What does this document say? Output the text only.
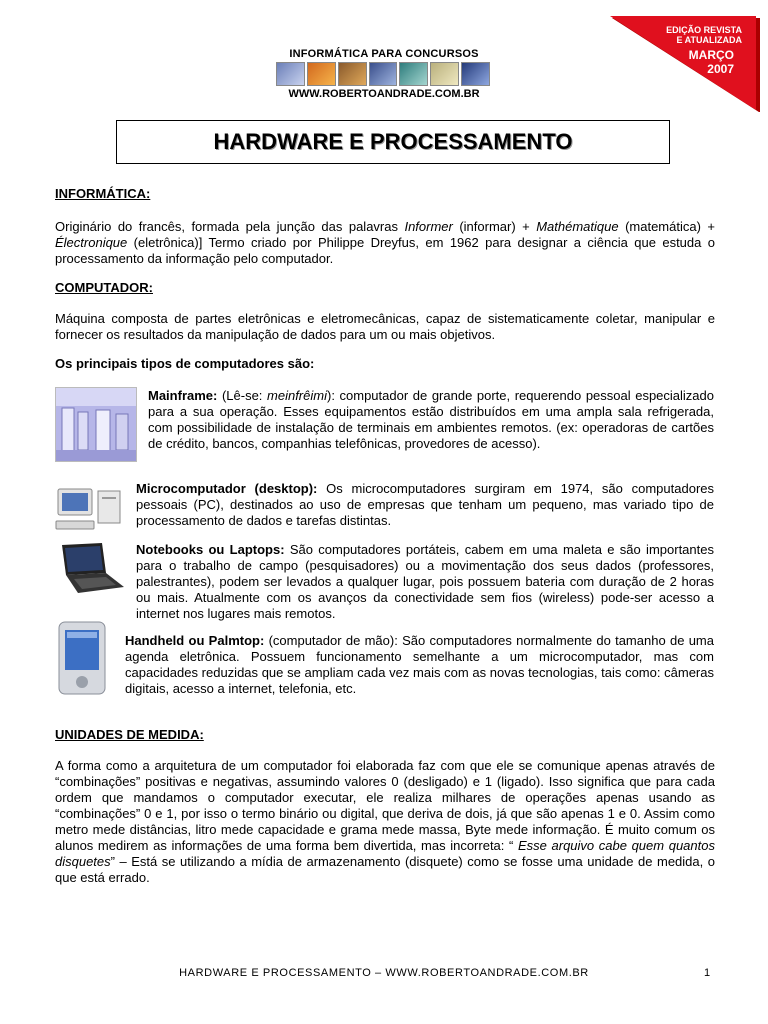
INFORMÁTICA PARA CONCURSOS
WWW.ROBERTOANDRADE.COM.BR
EDIÇÃO REVISTA
E ATUALIZADA
MARÇO
2007
HARDWARE E PROCESSAMENTO
INFORMÁTICA:

Originário do francês, formada pela junção das palavras Informer (informar) + Mathématique (matemática) + Électronique (eletrônica)] Termo criado por Philippe Dreyfus, em 1962 para designar a ciência que estuda o processamento da informação pelo computador.

COMPUTADOR:

Máquina composta de partes eletrônicas e eletromecânicas, capaz de sistematicamente coletar, manipular e fornecer os resultados da manipulação de dados para um ou mais objetivos.

Os principais tipos de computadores são:

Mainframe: (Lê-se: meinfrêimi): computador de grande porte, requerendo pessoal especializado para a sua operação. Esses equipamentos estão distribuídos em uma ampla sala refrigerada, com possibilidade de instalação de terminais em ambientes remotos. (ex: operadoras de cartões de crédito, bancos, companhias telefônicas, provedores de acesso).

Microcomputador (desktop): Os microcomputadores surgiram em 1974, são computadores pessoais (PC), destinados ao uso de empresas que tenham um pequeno, mas variado tipo de processamento de dados e tarefas distintas.

Notebooks ou Laptops: São computadores portáteis, cabem em uma maleta e são importantes para o trabalho de campo (pesquisadores) ou a movimentação dos seus dados (professores, palestrantes), podem ser levados a qualquer lugar, pois possuem bateria com duração de 2 horas ou mais. Atualmente com os avanços da conectividade sem fios (wireless) pode-ser acesso a internet nos lugares mais remotos.

Handheld ou Palmtop: (computador de mão): São computadores normalmente do tamanho de uma agenda eletrônica. Possuem funcionamento semelhante a um microcomputador, mas com capacidades reduzidas que se ampliam cada vez mais com as novas tecnologias, tais como: câmeras digitais, acesso a internet, telefonia, etc.

UNIDADES DE MEDIDA:

A forma como a arquitetura de um computador foi elaborada faz com que ele se comunique apenas através de “combinações” positivas e negativas, assumindo valores 0 (desligado) e 1 (ligado). Isso significa que para cada ordem que mandamos o computador executar, ele realiza milhares de operações apenas usando as “combinações” 0 e 1, por isso o termo binário ou digital, que deriva de dois, já que são apenas 1 e 0. Assim como metro mede distâncias, litro mede capacidade e grama mede massa, Byte mede informação. É muito comum os alunos medirem as informações de uma forma bem divertida, mas incorreta: “ Esse arquivo cabe quem quantos disquetes” – Está se utilizando a mídia de armazenamento (disquete) como se fosse uma unidade de medida, o que está errado.

HARDWARE E PROCESSAMENTO – WWW.ROBERTOANDRADE.COM.BR	1
